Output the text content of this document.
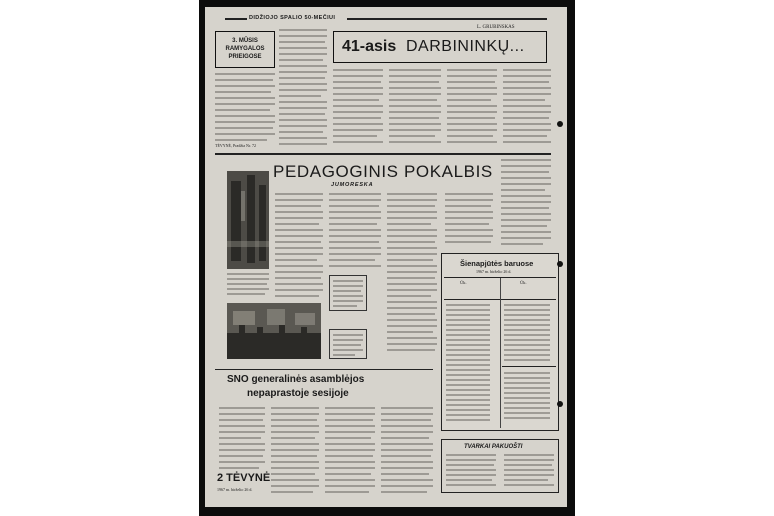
DIDŽIOJO SPALIO 50-MEČIUI
3. MŪSIS RAMYGALOS PRIEIGOSE
L. GRUBINSKAS
41-asis DARBININKŲ...
TĖVYNĖ, Pradžia Nr. 72
PEDAGOGINIS POKALBIS
JUMORESKA
Šienapjūtės baruose
1967 m. birželio 26 d.
Ūk.	Ūk.
SNO generalinės asamblėjos
nepaprastoje sesijoje
TVARKAI PAKUOŠTI
2 TĖVYNĖ
1967 m. birželio 26 d.
